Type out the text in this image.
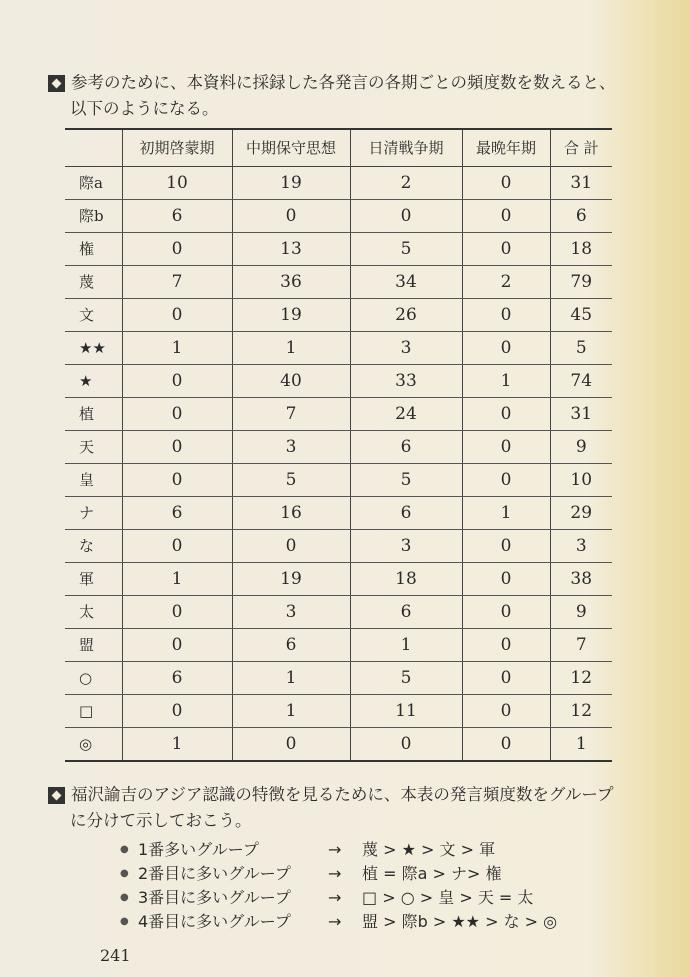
参考のために、本資料に採録した各発言の各期ごとの頻度数を数えると、
以下のようになる。
	初期啓蒙期	中期保守思想	日清戦争期	最晩年期	合 計
際a	10	19	2	0	31
際b	6	0	0	0	6
権	0	13	5	0	18
蔑	7	36	34	2	79
文	0	19	26	0	45
★★	1	1	3	0	5
★	0	40	33	1	74
植	0	7	24	0	31
天	0	3	6	0	9
皇	0	5	5	0	10
ナ	6	16	6	1	29
な	0	0	3	0	3
軍	1	19	18	0	38
太	0	3	6	0	9
盟	0	6	1	0	7
○	6	1	5	0	12
□	0	1	11	0	12
◎	1	0	0	0	1
福沢諭吉のアジア認識の特徴を見るために、本表の発言頻度数をグループ
に分けて示しておこう。
● 1番多いグループ	→	蔑 > ★ > 文 > 軍
● 2番目に多いグループ	→	植 = 際a > ナ> 権
● 3番目に多いグループ	→	□ > ○ > 皇 > 天 = 太
● 4番目に多いグループ	→	盟 > 際b > ★★ > な > ◎
241
